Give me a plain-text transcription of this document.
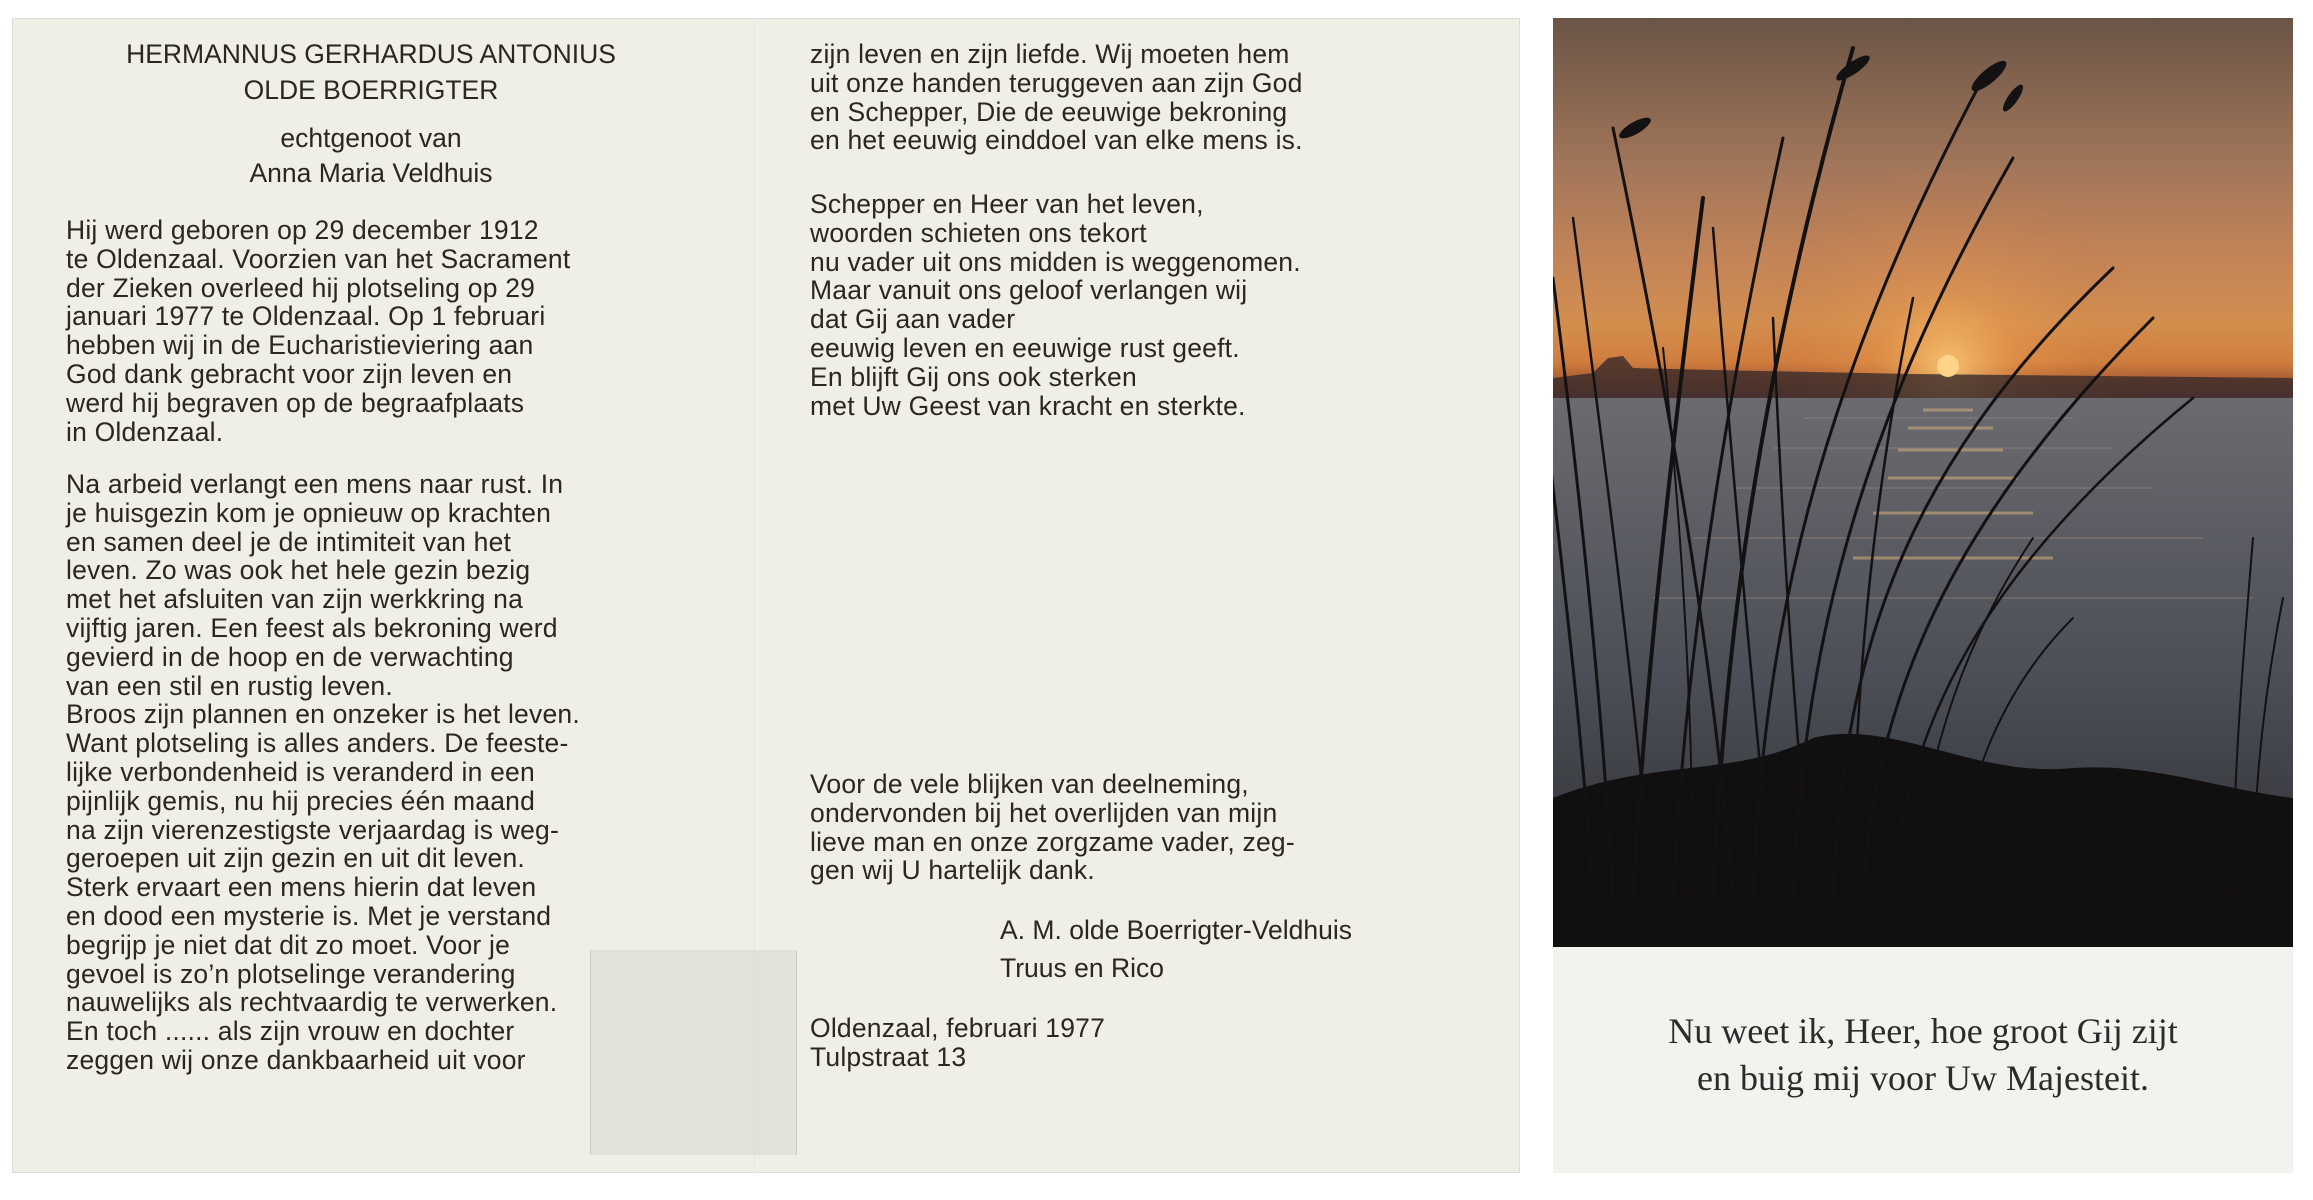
HERMANNUS GERHARDUS ANTONIUS
OLDE BOERRIGTER
echtgenoot van
Anna Maria Veldhuis
Hij werd geboren op 29 december 1912
te Oldenzaal. Voorzien van het Sacrament
der Zieken overleed hij plotseling op 29
januari 1977 te Oldenzaal. Op 1 februari
hebben wij in de Eucharistieviering aan
God dank gebracht voor zijn leven en
werd hij begraven op de begraafplaats
in Oldenzaal.
Na arbeid verlangt een mens naar rust. In
je huisgezin kom je opnieuw op krachten
en samen deel je de intimiteit van het
leven. Zo was ook het hele gezin bezig
met het afsluiten van zijn werkkring na
vijftig jaren. Een feest als bekroning werd
gevierd in de hoop en de verwachting
van een stil en rustig leven.
Broos zijn plannen en onzeker is het leven.
Want plotseling is alles anders. De feeste-
lijke verbondenheid is veranderd in een
pijnlijk gemis, nu hij precies één maand
na zijn vierenzestigste verjaardag is weg-
geroepen uit zijn gezin en uit dit leven.
Sterk ervaart een mens hierin dat leven
en dood een mysterie is. Met je verstand
begrijp je niet dat dit zo moet. Voor je
gevoel is zo’n plotselinge verandering
nauwelijks als rechtvaardig te verwerken.
En toch ...... als zijn vrouw en dochter
zeggen wij onze dankbaarheid uit voor
zijn leven en zijn liefde. Wij moeten hem
uit onze handen teruggeven aan zijn God
en Schepper, Die de eeuwige bekroning
en het eeuwig einddoel van elke mens is.
Schepper en Heer van het leven,
woorden schieten ons tekort
nu vader uit ons midden is weggenomen.
Maar vanuit ons geloof verlangen wij
dat Gij aan vader
eeuwig leven en eeuwige rust geeft.
En blijft Gij ons ook sterken
met Uw Geest van kracht en sterkte.
Voor de vele blijken van deelneming,
ondervonden bij het overlijden van mijn
lieve man en onze zorgzame vader, zeg-
gen wij U hartelijk dank.
A. M. olde Boerrigter-Veldhuis
Truus en Rico
Oldenzaal, februari 1977
Tulpstraat 13
Nu weet ik, Heer, hoe groot Gij zijt
en buig mij voor Uw Majesteit.
